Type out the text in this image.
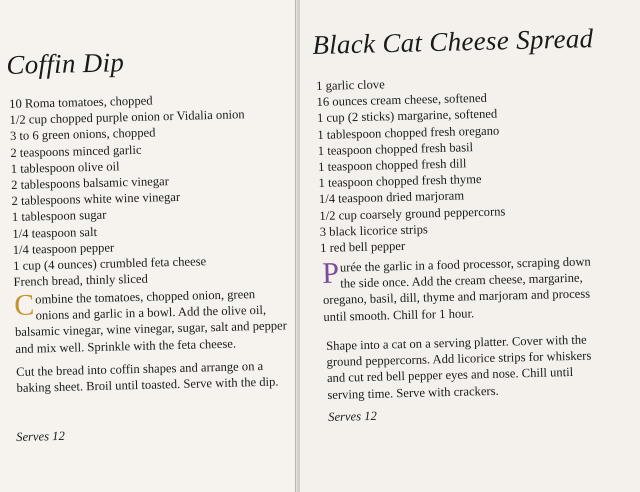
Coffin Dip
10 Roma tomatoes, chopped
1/2 cup chopped purple onion or Vidalia onion
3 to 6 green onions, chopped
2 teaspoons minced garlic
1 tablespoon olive oil
2 tablespoons balsamic vinegar
2 tablespoons white wine vinegar
1 tablespoon sugar
1/4 teaspoon salt
1/4 teaspoon pepper
1 cup (4 ounces) crumbled feta cheese
French bread, thinly sliced

Combine the tomatoes, chopped onion, green onions and garlic in a bowl. Add the olive oil, balsamic vinegar, wine vinegar, sugar, salt and pepper and mix well. Sprinkle with the feta cheese.

Cut the bread into coffin shapes and arrange on a baking sheet. Broil until toasted. Serve with the dip.

Serves 12
Black Cat Cheese Spread
1 garlic clove
16 ounces cream cheese, softened
1 cup (2 sticks) margarine, softened
1 tablespoon chopped fresh oregano
1 teaspoon chopped fresh basil
1 teaspoon chopped fresh dill
1 teaspoon chopped fresh thyme
1/4 teaspoon dried marjoram
1/2 cup coarsely ground peppercorns
3 black licorice strips
1 red bell pepper

Purée the garlic in a food processor, scraping down the side once. Add the cream cheese, margarine, oregano, basil, dill, thyme and marjoram and process until smooth. Chill for 1 hour.

Shape into a cat on a serving platter. Cover with the ground peppercorns. Add licorice strips for whiskers and cut red bell pepper eyes and nose. Chill until serving time. Serve with crackers.

Serves 12
